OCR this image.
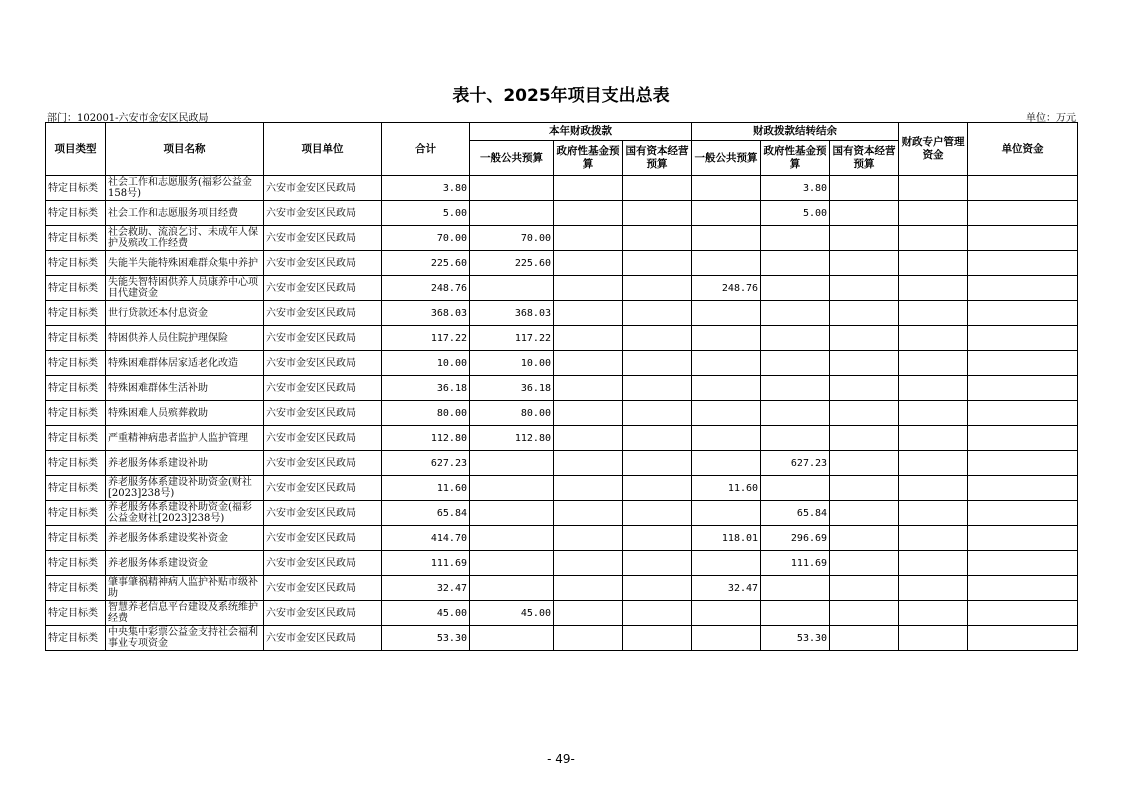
表十、2025年项目支出总表
部门：102001-六安市金安区民政局	单位：万元
项目类型	项目名称	项目单位	合计	本年财政拨款			财政拨款结转结余			财政专户管理资金	单位资金
				一般公共预算	政府性基金预算	国有资本经营预算	一般公共预算	政府性基金预算	国有资本经营预算		
特定目标类	社会工作和志愿服务(福彩公益金158号)	六安市金安区民政局	3.80					3.80			
特定目标类	社会工作和志愿服务项目经费	六安市金安区民政局	5.00					5.00			
特定目标类	社会救助、流浪乞讨、未成年人保护及殡改工作经费	六安市金安区民政局	70.00	70.00							
特定目标类	失能半失能特殊困难群众集中养护	六安市金安区民政局	225.60	225.60							
特定目标类	失能失智特困供养人员康养中心项目代建资金	六安市金安区民政局	248.76				248.76				
特定目标类	世行贷款还本付息资金	六安市金安区民政局	368.03	368.03							
特定目标类	特困供养人员住院护理保险	六安市金安区民政局	117.22	117.22							
特定目标类	特殊困难群体居家适老化改造	六安市金安区民政局	10.00	10.00							
特定目标类	特殊困难群体生活补助	六安市金安区民政局	36.18	36.18							
特定目标类	特殊困难人员殡葬救助	六安市金安区民政局	80.00	80.00							
特定目标类	严重精神病患者监护人监护管理	六安市金安区民政局	112.80	112.80							
特定目标类	养老服务体系建设补助	六安市金安区民政局	627.23					627.23			
特定目标类	养老服务体系建设补助资金(财社[2023]238号)	六安市金安区民政局	11.60				11.60				
特定目标类	养老服务体系建设补助资金(福彩公益金财社[2023]238号)	六安市金安区民政局	65.84					65.84			
特定目标类	养老服务体系建设奖补资金	六安市金安区民政局	414.70				118.01	296.69			
特定目标类	养老服务体系建设资金	六安市金安区民政局	111.69					111.69			
特定目标类	肇事肇祸精神病人监护补贴市级补助	六安市金安区民政局	32.47				32.47				
特定目标类	智慧养老信息平台建设及系统维护经费	六安市金安区民政局	45.00	45.00							
特定目标类	中央集中彩票公益金支持社会福利事业专项资金	六安市金安区民政局	53.30					53.30			
- 49-
